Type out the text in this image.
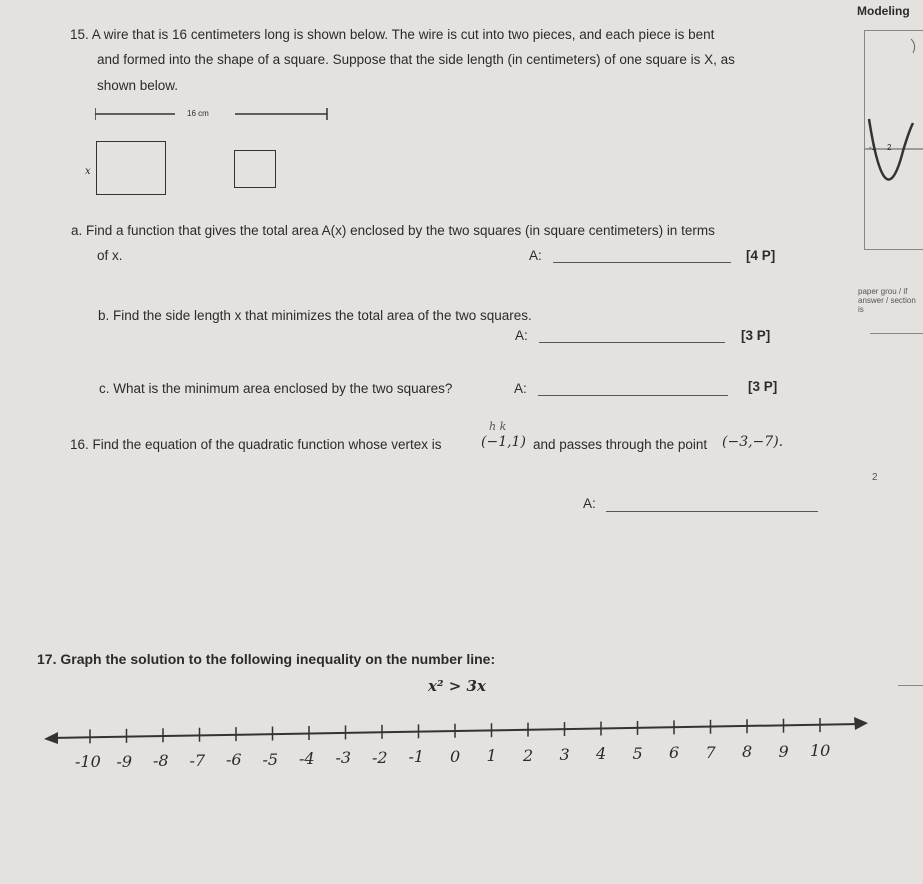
Modeling
-1 2
paper grou / if answer / section is
15. A wire that is 16 centimeters long is shown below. The wire is cut into two pieces, and each piece is bent
and formed into the shape of a square. Suppose that the side length (in centimeters) of one square is X, as
shown below.
16 cm
x
a. Find a function that gives the total area A(x) enclosed by the two squares (in square centimeters) in terms
of x.	A:	[4 P]
b. Find the side length x that minimizes the total area of the two squares.
A:	[3 P]
c. What is the minimum area enclosed by the two squares?	A:	[3 P]
h k
16. Find the equation of the quadratic function whose vertex is	(−1,1) and passes through the point (−3,−7).
2
A:
17. Graph the solution to the following inequality on the number line:
x² > 3x
-10 -9 -8 -7 -6 -5 -4 -3 -2 -1 0 1 2 3 4 5 6 7 8 9 10
